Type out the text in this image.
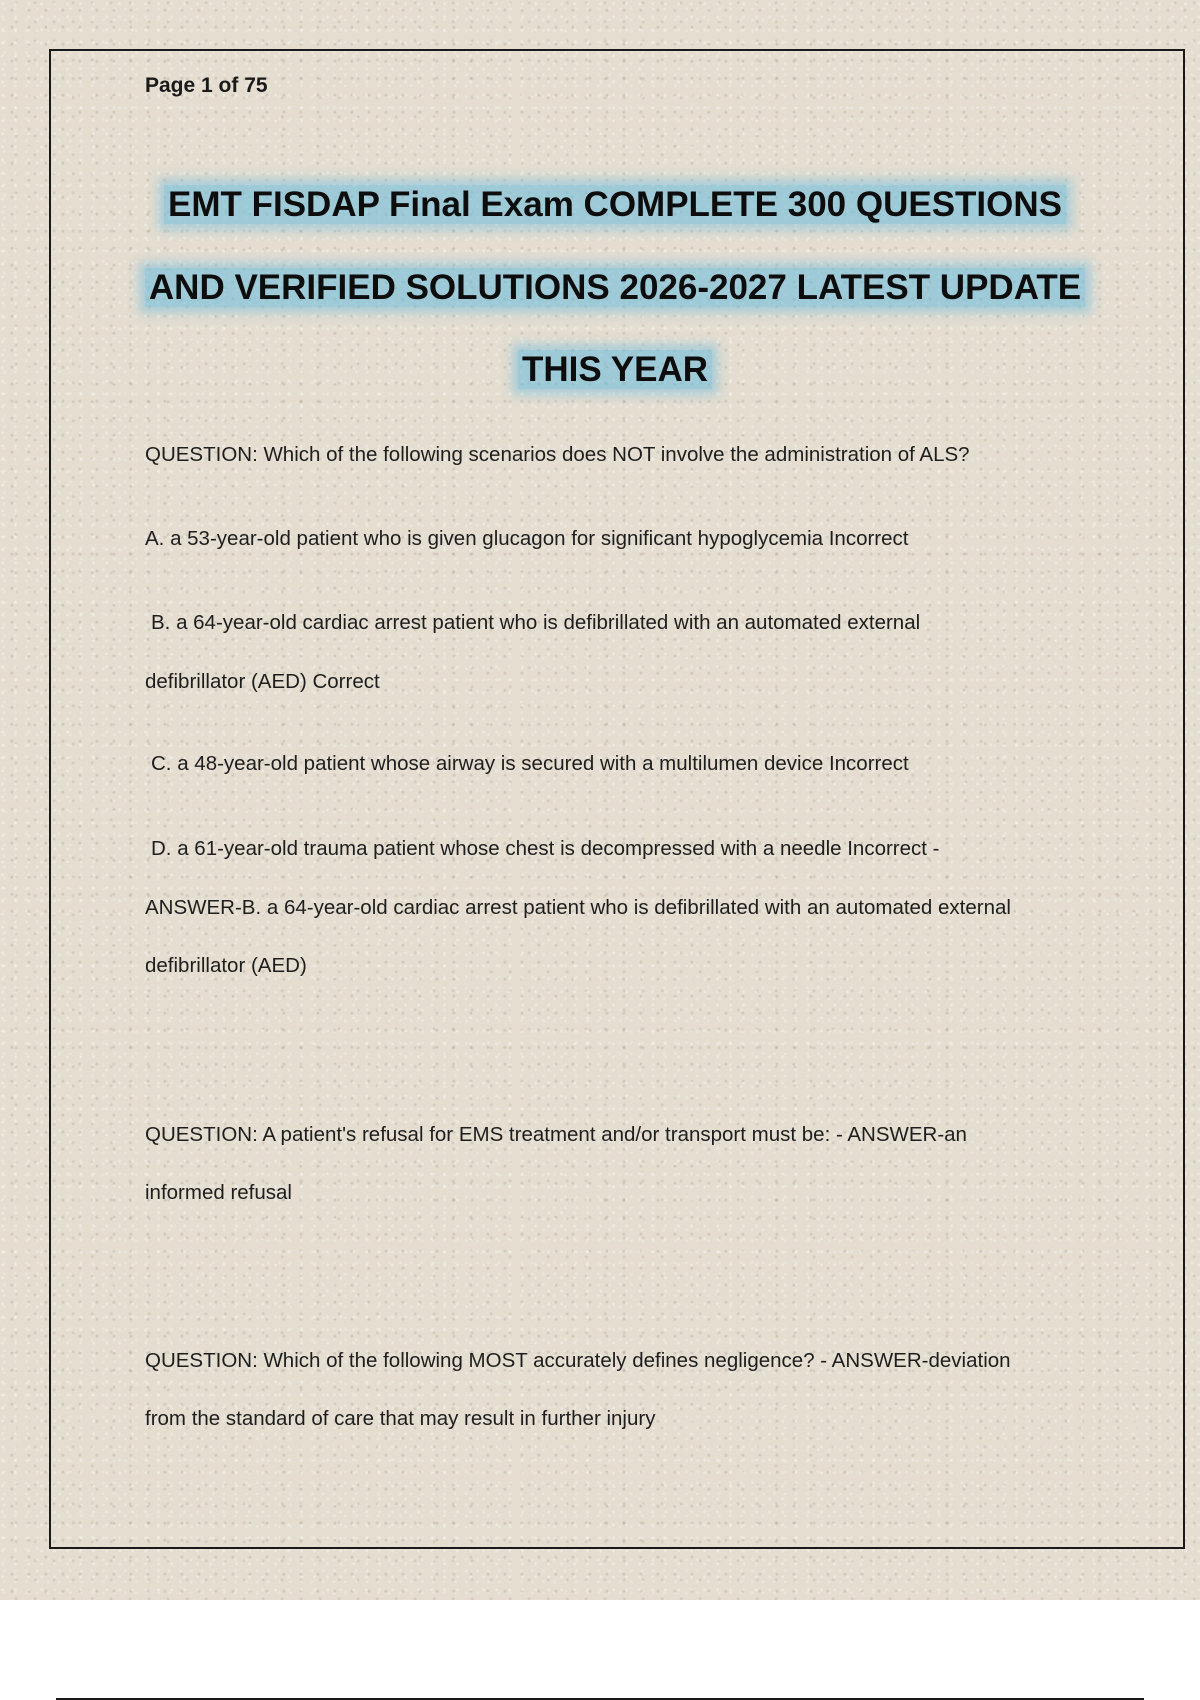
Page 1 of 75
EMT FISDAP Final Exam COMPLETE 300 QUESTIONS
AND VERIFIED SOLUTIONS 2026-2027 LATEST UPDATE
THIS YEAR
QUESTION: Which of the following scenarios does NOT involve the administration of ALS?
A. a 53-year-old patient who is given glucagon for significant hypoglycemia Incorrect
B. a 64-year-old cardiac arrest patient who is defibrillated with an automated external
defibrillator (AED) Correct
C. a 48-year-old patient whose airway is secured with a multilumen device Incorrect
D. a 61-year-old trauma patient whose chest is decompressed with a needle Incorrect -
ANSWER-B. a 64-year-old cardiac arrest patient who is defibrillated with an automated external
defibrillator (AED)
QUESTION: A patient's refusal for EMS treatment and/or transport must be: - ANSWER-an
informed refusal
QUESTION: Which of the following MOST accurately defines negligence? - ANSWER-deviation
from the standard of care that may result in further injury
